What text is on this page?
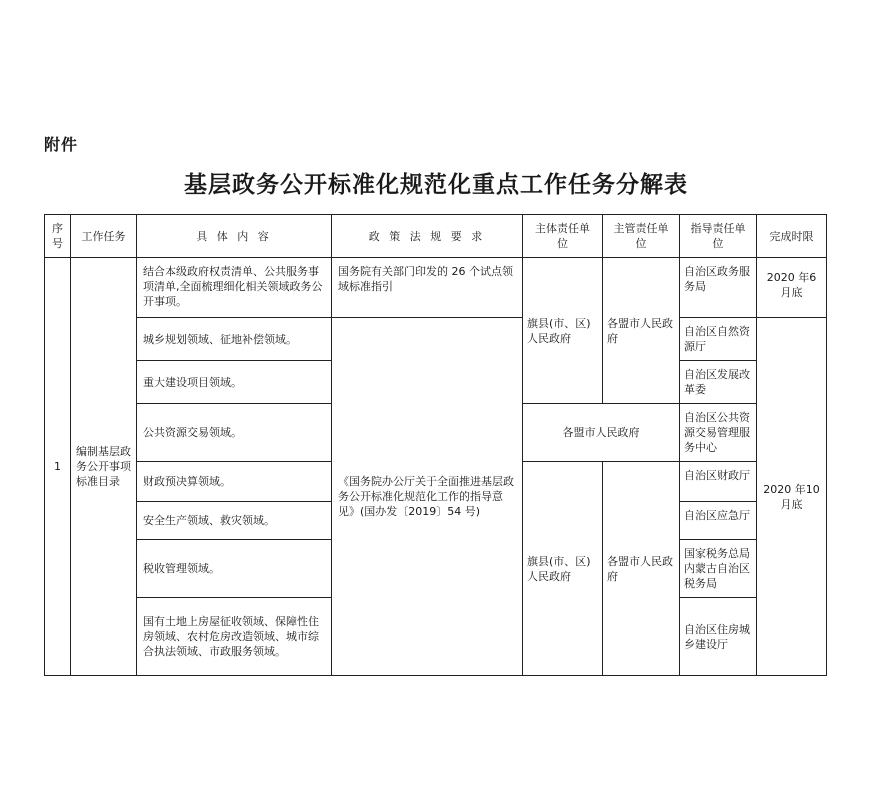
附件
基层政务公开标准化规范化重点工作任务分解表
序号	工作任务	具 体 内 容	政 策 法 规 要 求	主体责任单 位	主管责任单 位	指导责任单 位	完成时限
1	编制基层政务公开事项标准目录	结合本级政府权责清单、公共服务事项清单,全面梳理细化相关领域政务公开事项。	国务院有关部门印发的 26 个试点领域标准指引	旗县(市、区)人民政府	各盟市人民政府	自治区政务服务局	2020 年6 月底
		城乡规划领域、征地补偿领域。	《国务院办公厅关于全面推进基层政务公开标准化规范化工作的指导意见》(国办发〔2019〕54 号)			自治区自然资源厅	2020 年10 月底
		重大建设项目领域。				自治区发展改革委	
		公共资源交易领域。		各盟市人民政府		自治区公共资源交易管理服务中心	
		财政预决算领域。		旗县(市、区)人民政府	各盟市人民政府	自治区财政厅	
		安全生产领域、救灾领域。				自治区应急厅	
		税收管理领域。				国家税务总局内蒙古自治区税务局	
		国有土地上房屋征收领域、保障性住房领域、农村危房改造领域、城市综合执法领域、市政服务领域。				自治区住房城乡建设厅	
